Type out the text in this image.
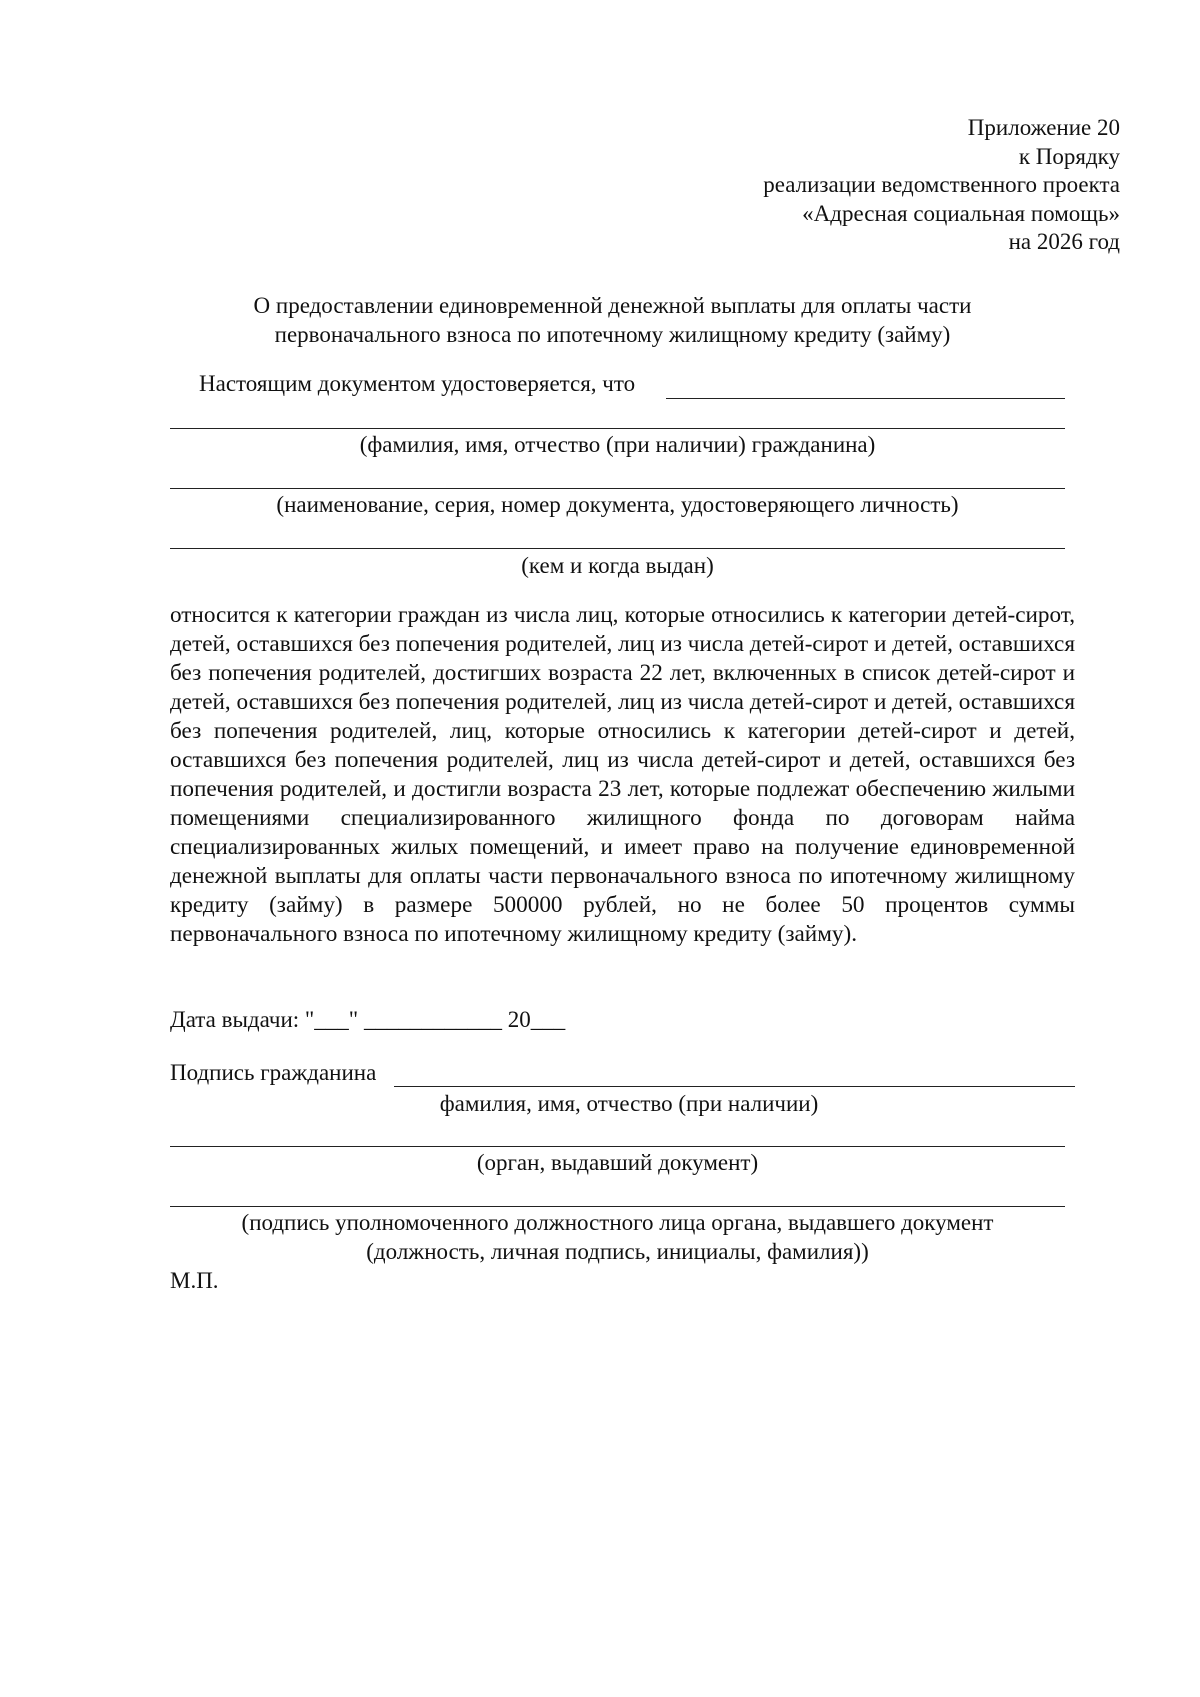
Приложение 20
к Порядку
реализации ведомственного проекта
«Адресная социальная помощь»
на 2026 год
О предоставлении единовременной денежной выплаты для оплаты части
первоначального взноса по ипотечному жилищному кредиту (займу)
Настоящим документом удостоверяется, что
(фамилия, имя, отчество (при наличии) гражданина)
(наименование, серия, номер документа, удостоверяющего личность)
(кем и когда выдан)
относится к категории граждан из числа лиц, которые относились к категории детей-сирот, детей, оставшихся без попечения родителей, лиц из числа детей-сирот и детей, оставшихся без попечения родителей, достигших возраста 22 лет, включенных в список детей-сирот и детей, оставшихся без попечения родителей, лиц из числа детей-сирот и детей, оставшихся без попечения родителей, лиц, которые относились к категории детей-сирот и детей, оставшихся без попечения родителей, лиц из числа детей-сирот и детей, оставшихся без попечения родителей, и достигли возраста 23 лет, которые подлежат обеспечению жилыми помещениями специализированного жилищного фонда по договорам найма специализированных жилых помещений, и имеет право на получение единовременной денежной выплаты для оплаты части первоначального взноса по ипотечному жилищному кредиту (займу) в размере 500000 рублей, но не более 50 процентов суммы первоначального взноса по ипотечному жилищному кредиту (займу).
Дата выдачи: "___" ____________ 20___
Подпись гражданина
фамилия, имя, отчество (при наличии)
(орган, выдавший документ)
(подпись уполномоченного должностного лица органа, выдавшего документ
(должность, личная подпись, инициалы, фамилия))
М.П.
